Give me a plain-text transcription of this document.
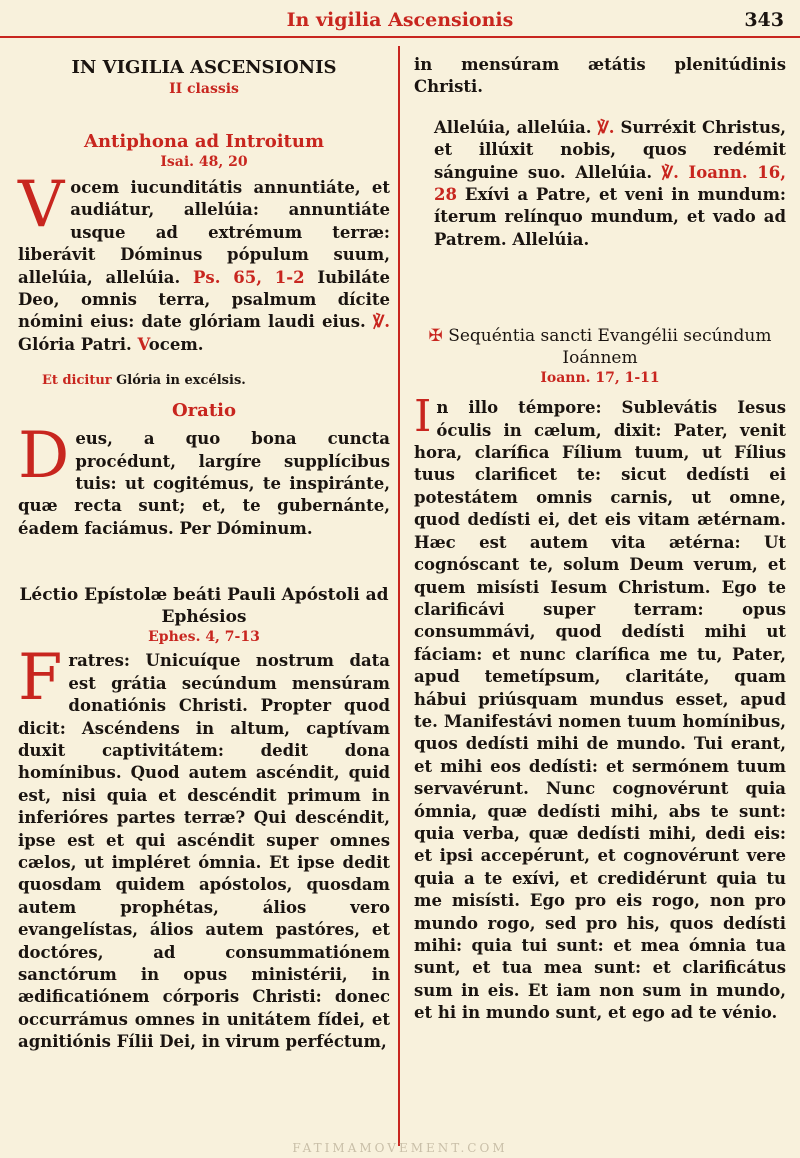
In vigilia Ascensionis	343
IN VIGILIA ASCENSIONIS
II classis
Antiphona ad Introitum
Isai. 48, 20
V ocem iucunditátis annuntiáte, et audiátur, allelúia: annuntiáte usque ad extrémum terræ: liberávit Dóminus pópulum suum, allelúia, allelúia. Ps. 65, 1-2 Iubiláte Deo, omnis terra, psalmum dícite nómini eius: date glóriam laudi eius. ℣. Glória Patri. Vocem.
Et dicitur Glória in excélsis.
Oratio
D eus, a quo bona cuncta procédunt, largíre supplícibus tuis: ut cogitémus, te inspiránte, quæ recta sunt; et, te gubernánte, éadem faciámus. Per Dóminum.
Léctio Epístolæ beáti Pauli Apóstoli ad Ephésios
Ephes. 4, 7-13
F ratres: Unicuíque nostrum data est grátia secúndum mensúram donatiónis Christi. Propter quod dicit: Ascéndens in altum, captívam duxit captivitátem: dedit dona homínibus. Quod autem ascéndit, quid est, nisi quia et descéndit primum in inferióres partes terræ? Qui descéndit, ipse est et qui ascéndit super omnes cælos, ut impléret ómnia. Et ipse dedit quosdam quidem apóstolos, quosdam autem prophétas, álios vero evangelístas, álios autem pastóres, et doctóres, ad consummatiónem sanctórum in opus ministérii, in ædificatiónem córporis Christi: donec occurrámus omnes in unitátem fídei, et agnitiónis Fílii Dei, in virum perféctum,
in mensúram ætátis plenitúdinis Christi.
Allelúia, allelúia. ℣. Surréxit Christus, et illúxit nobis, quos redémit sánguine suo. Allelúia. ℣. Ioann. 16, 28 Exívi a Patre, et veni in mundum: íterum relínquo mundum, et vado ad Patrem. Allelúia.
✠ Sequéntia sancti Evangélii secúndum Ioánnem
Ioann. 17, 1-11
I n illo témpore: Sublevátis Iesus óculis in cælum, dixit: Pater, venit hora, clarífica Fílium tuum, ut Fílius tuus clarificet te: sicut dedísti ei potestátem omnis carnis, ut omne, quod dedísti ei, det eis vitam ætérnam. Hæc est autem vita ætérna: Ut cognóscant te, solum Deum verum, et quem misísti Iesum Christum. Ego te clarificávi super terram: opus consummávi, quod dedísti mihi ut fáciam: et nunc clarífica me tu, Pater, apud temetípsum, claritáte, quam hábui priúsquam mundus esset, apud te. Manifestávi nomen tuum homínibus, quos dedísti mihi de mundo. Tui erant, et mihi eos dedísti: et sermónem tuum servavérunt. Nunc cognovérunt quia ómnia, quæ dedísti mihi, abs te sunt: quia verba, quæ dedísti mihi, dedi eis: et ipsi accepérunt, et cognovérunt vere quia a te exívi, et credidérunt quia tu me misísti. Ego pro eis rogo, non pro mundo rogo, sed pro his, quos dedísti mihi: quia tui sunt: et mea ómnia tua sunt, et tua mea sunt: et clarificátus sum in eis. Et iam non sum in mundo, et hi in mundo sunt, et ego ad te vénio.
FATIMAMOVEMENT.COM
